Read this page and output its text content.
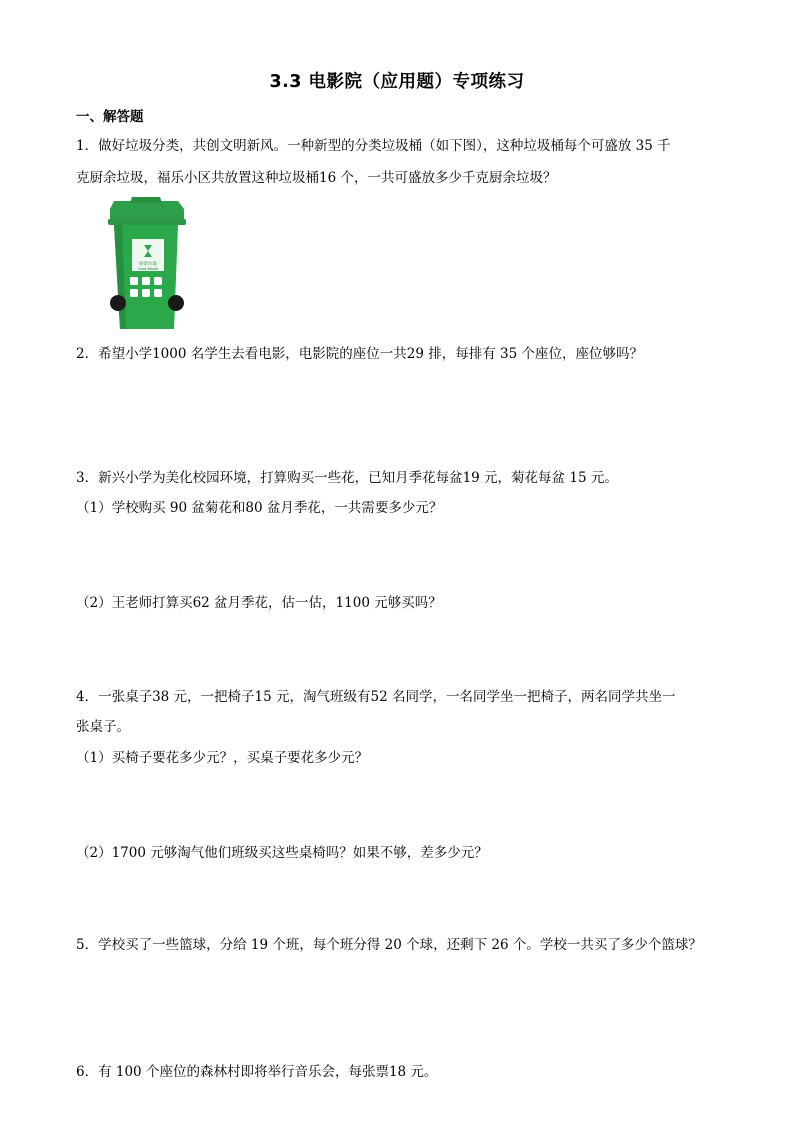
3.3 电影院（应用题）专项练习
一、解答题
1．做好垃圾分类，共创文明新风。一种新型的分类垃圾桶（如下图），这种垃圾桶每个可盛放 35 千
克厨余垃圾，福乐小区共放置这种垃圾桶16 个，一共可盛放多少千克厨余垃圾？
厨余垃圾
Food Waste
2．希望小学1000 名学生去看电影，电影院的座位一共29 排，每排有 35 个座位，座位够吗？
3．新兴小学为美化校园环境，打算购买一些花，已知月季花每盆19 元，菊花每盆 15 元。
（1）学校购买 90 盆菊花和80 盆月季花，一共需要多少元？
（2）王老师打算买62 盆月季花，估一估，1100 元够买吗？
4．一张桌子38 元，一把椅子15 元，淘气班级有52 名同学，一名同学坐一把椅子，两名同学共坐一
张桌子。
（1）买椅子要花多少元？，买桌子要花多少元？
（2）1700 元够淘气他们班级买这些桌椅吗？如果不够，差多少元？
5．学校买了一些篮球，分给 19 个班，每个班分得 20 个球，还剩下 26 个。学校一共买了多少个篮球？
6．有 100 个座位的森林村即将举行音乐会，每张票18 元。
